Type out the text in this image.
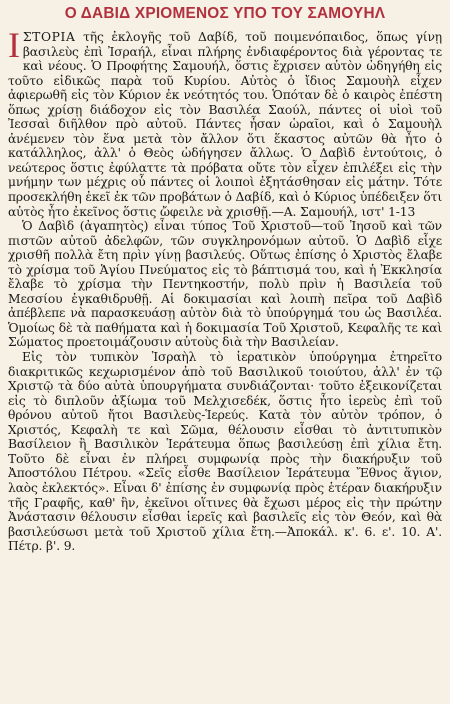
Ο ΔΑΒΙΔ ΧΡΙΟΜΕΝΟΣ ΥΠΟ ΤΟΥ ΣΑΜΟΥΗΛ

ΙΣΤΟΡΙΑ τῆς ἐκλογῆς τοῦ Δαβίδ, τοῦ ποιμενόπαιδος, ὅπως γίνῃ βασιλεὺς ἐπὶ Ἰσραήλ, εἶναι πλήρης ἐνδιαφέροντος διὰ γέροντας τε καὶ νέους. Ὁ Προφήτης Σαμουήλ, ὅστις ἔχρισεν αὐτὸν ὠδηγήθη εἰς τοῦτο εἰδικῶς παρὰ τοῦ Κυρίου. Αὐτὸς ὁ ἴδιος Σαμουὴλ εἶχεν ἀφιερωθῆ εἰς τὸν Κύριον ἐκ νεότητός του. Ὁπόταν δὲ ὁ καιρὸς ἐπέστη ὅπως χρίσῃ διάδοχον εἰς τὸν Βασιλέα Σαούλ, πάντες οἱ υἱοὶ τοῦ Ἰεσσαὶ διῆλθον πρὸ αὐτοῦ. Πάντες ἦσαν ὡραῖοι, καὶ ὁ Σαμουὴλ ἀνέμενεν τὸν ἕνα μετὰ τὸν ἄλλον ὅτι ἕκαστος αὐτῶν θὰ ἦτο ὁ κατάλληλος, ἀλλ' ὁ Θεὸς ὡδήγησεν ἄλλως. Ὁ Δαβὶδ ἐντούτοις, ὁ νεώτερος ὅστις ἐφύλαττε τὰ πρόβατα οὔτε τὸν εἶχεν ἐπιλέξει εἰς τὴν μνήμην των μέχρις οὗ πάντες οἱ λοιποὶ ἐξητάσθησαν εἰς μάτην. Τότε προσεκλήθη ἐκεῖ ἐκ τῶν προβάτων ὁ Δαβίδ, καὶ ὁ Κύριος ὑπέδειξεν ὅτι αὐτὸς ἦτο ἐκεῖνος ὅστις ὤφειλε νὰ χρισθῇ.—Α. Σαμουήλ, ιστ' 1-13

Ὁ Δαβὶδ (ἀγαπητὸς) εἶναι τύπος Τοῦ Χριστοῦ—τοῦ Ἰησοῦ καὶ τῶν πιστῶν αὐτοῦ ἀδελφῶν, τῶν συγκληρονόμων αὐτοῦ. Ὁ Δαβὶδ εἶχε χρισθῆ πολλὰ ἔτη πρὶν γίνῃ βασιλεύς. Οὕτως ἐπίσης ὁ Χριστὸς ἔλαβε τὸ χρίσμα τοῦ Ἁγίου Πνεύματος εἰς τὸ βάπτισμά του, καὶ ἡ Ἐκκλησία ἔλαβε τὸ χρίσμα τὴν Πεντηκοστήν, πολὺ πρὶν ἡ Βασιλεία τοῦ Μεσσίου ἐγκαθιδρυθῇ. Αἱ δοκιμασίαι καὶ λοιπὴ πεῖρα τοῦ Δαβὶδ ἀπέβλεπε νὰ παρασκευάσῃ αὐτὸν διὰ τὸ ὑπούργημά του ὡς Βασιλέα. Ὁμοίως δὲ τὰ παθήματα καὶ ἡ δοκιμασία Τοῦ Χριστοῦ, Κεφαλῆς τε καὶ Σώματος προετοιμάζουσιν αὐτοὺς διὰ τὴν Βασιλείαν.

Εἰς τὸν τυπικὸν Ἰσραὴλ τὸ ἱερατικὸν ὑπούργημα ἐτηρεῖτο διακριτικῶς κεχωρισμένον ἀπὸ τοῦ Βασιλικοῦ τοιούτου, ἀλλ' ἐν τῷ Χριστῷ τὰ δύο αὐτὰ ὑπουργήματα συνδιάζονται· τοῦτο ἐξεικονίζεται εἰς τὸ διπλοῦν ἀξίωμα τοῦ Μελχισεδέκ, ὅστις ἦτο ἱερεὺς ἐπὶ τοῦ θρόνου αὐτοῦ ἤτοι Βασιλεὺς-Ἱερεύς. Κατὰ τὸν αὐτὸν τρόπον, ὁ Χριστός, Κεφαλὴ τε καὶ Σῶμα, θέλουσιν εἶσθαι τὸ ἀντιτυπικὸν Βασίλειον ἢ Βασιλικὸν Ἱεράτευμα ὅπως βασιλεύσῃ ἐπὶ χίλια ἔτη. Τοῦτο δὲ εἶναι ἐν πλήρει συμφωνίᾳ πρὸς τὴν διακήρυξιν τοῦ Ἀποστόλου Πέτρου. «Σεῖς εἶσθε Βασίλειον Ἱεράτευμα Ἔθνος ἅγιον, λαὸς ἐκλεκτός». Εἶναι δ' ἐπίσης ἐν συμφωνίᾳ πρὸς ἑτέραν διακήρυξιν τῆς Γραφῆς, καθ' ἣν, ἐκεῖνοι οἵτινες θὰ ἔχωσι μέρος εἰς τὴν πρώτην Ἀνάστασιν θέλουσιν εἶσθαι ἱερεῖς καὶ βασιλεῖς εἰς τὸν Θεόν, καὶ θὰ βασιλεύσωσι μετὰ τοῦ Χριστοῦ χίλια ἔτη.—Ἀποκάλ. κ'. 6. ε'. 10. Α'. Πέτρ. β'. 9.
